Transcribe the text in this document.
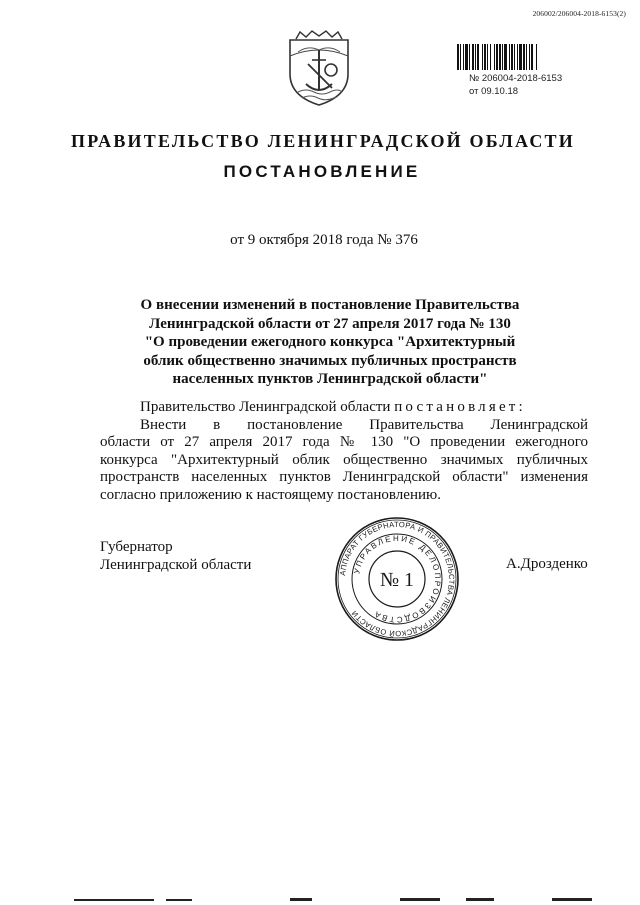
206002/206004-2018-6153(2)
№ 206004-2018-6153
от 09.10.18
ПРАВИТЕЛЬСТВО ЛЕНИНГРАДСКОЙ ОБЛАСТИ
ПОСТАНОВЛЕНИЕ
от 9 октября 2018 года № 376
О внесении изменений в постановление Правительства
Ленинградской области от 27 апреля 2017 года № 130
"О проведении ежегодного конкурса "Архитектурный
облик общественно значимых публичных пространств
населенных пунктов Ленинградской области"
Правительство Ленинградской области постановляет:
Внести в постановление Правительства Ленинградской
области от 27 апреля 2017 года № 130 "О проведении ежегодного
конкурса "Архитектурный облик общественно значимых публичных
пространств населенных пунктов Ленинградской области" изменения
согласно приложению к настоящему постановлению.
Губернатор
Ленинградской области	А.Дрозденко
АППАРАТ ГУБЕРНАТОРА И ПРАВИТЕЛЬСТВА ЛЕНИНГРАДСКОЙ ОБЛАСТИ
УПРАВЛЕНИЕ ДЕЛОПРОИЗВОДСТВА
№ 1
